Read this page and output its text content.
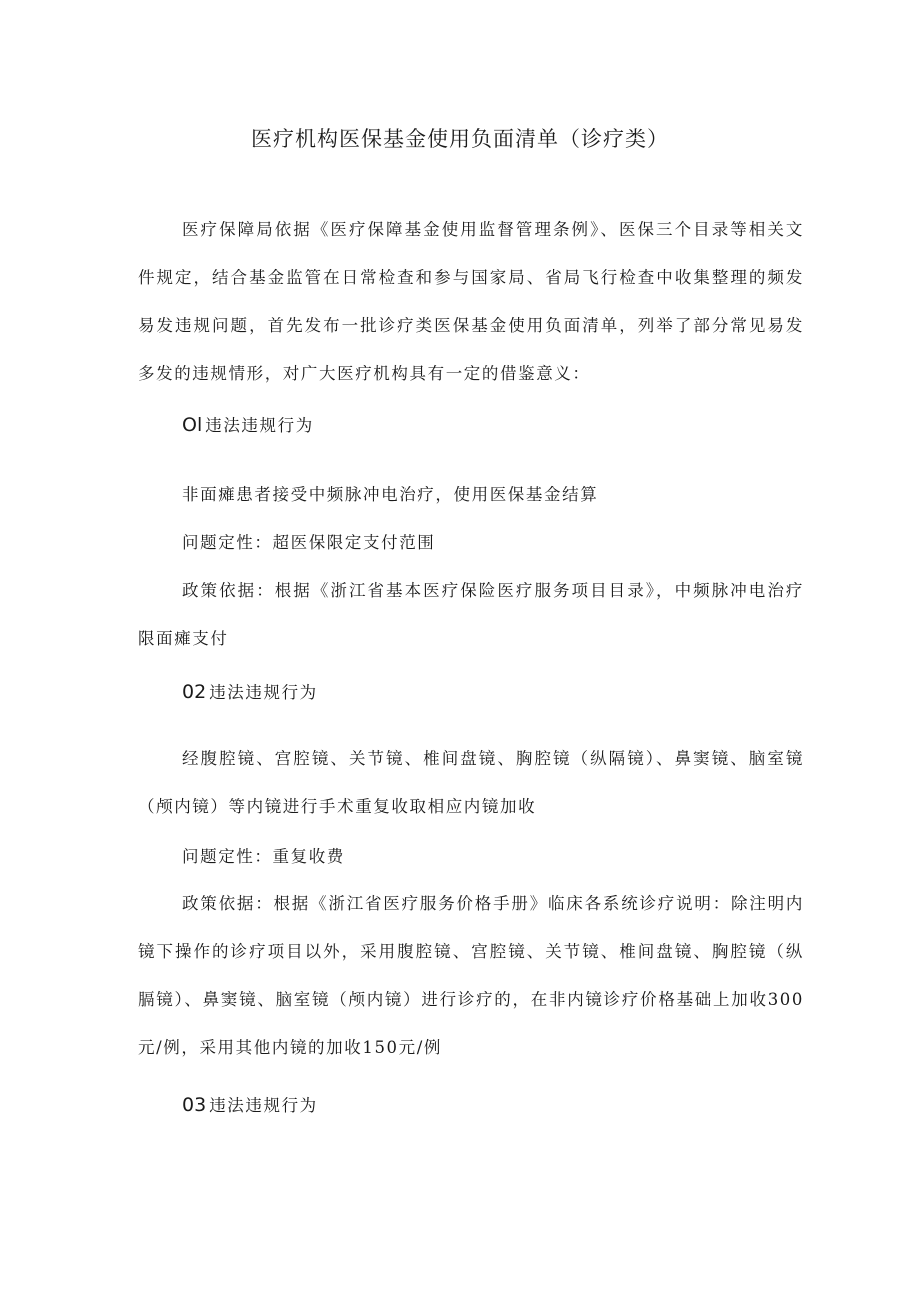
医疗机构医保基金使用负面清单（诊疗类）

医疗保障局依据《医疗保障基金使用监督管理条例》、医保三个目录等相关文件规定，结合基金监管在日常检查和参与国家局、省局飞行检查中收集整理的频发易发违规问题，首先发布一批诊疗类医保基金使用负面清单，列举了部分常见易发多发的违规情形，对广大医疗机构具有一定的借鉴意义：

Ol 违法违规行为

非面瘫患者接受中频脉冲电治疗，使用医保基金结算

问题定性：超医保限定支付范围

政策依据：根据《浙江省基本医疗保险医疗服务项目目录》，中频脉冲电治疗限面瘫支付

02 违法违规行为

经腹腔镜、宫腔镜、关节镜、椎间盘镜、胸腔镜（纵隔镜）、鼻窦镜、脑室镜（颅内镜）等内镜进行手术重复收取相应内镜加收

问题定性：重复收费

政策依据：根据《浙江省医疗服务价格手册》临床各系统诊疗说明：除注明内镜下操作的诊疗项目以外，采用腹腔镜、宫腔镜、关节镜、椎间盘镜、胸腔镜（纵膈镜）、鼻窦镜、脑室镜（颅内镜）进行诊疗的，在非内镜诊疗价格基础上加收300元/例，采用其他内镜的加收150元/例

03 违法违规行为
